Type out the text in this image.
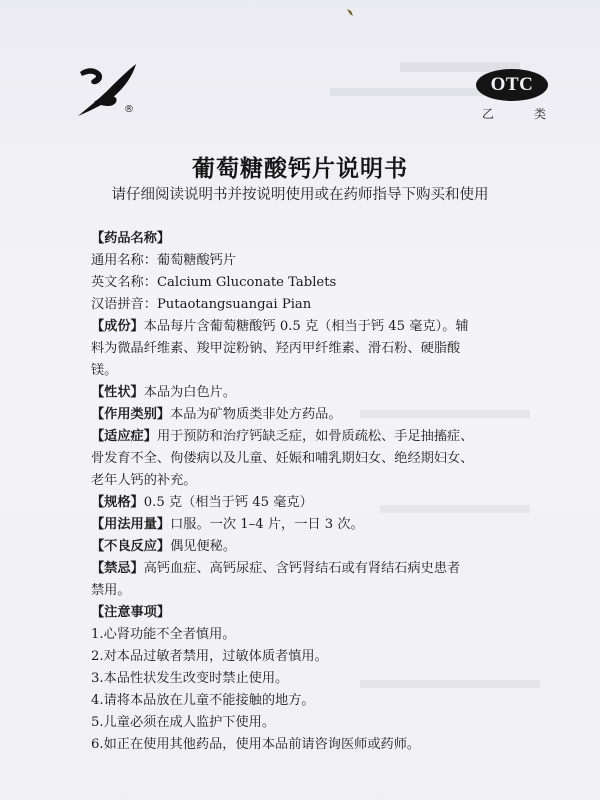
®
OTC
乙	类
葡萄糖酸钙片说明书
请仔细阅读说明书并按说明使用或在药师指导下购买和使用

【药品名称】

通用名称：葡萄糖酸钙片

英文名称：Calcium Gluconate Tablets

汉语拼音：Putaotangsuangai Pian

【成份】本品每片含葡萄糖酸钙 0.5 克（相当于钙 45 毫克）。辅
料为微晶纤维素、羧甲淀粉钠、羟丙甲纤维素、滑石粉、硬脂酸
镁。

【性状】本品为白色片。

【作用类别】本品为矿物质类非处方药品。

【适应症】用于预防和治疗钙缺乏症，如骨质疏松、手足抽搐症、
骨发育不全、佝偻病以及儿童、妊娠和哺乳期妇女、绝经期妇女、
老年人钙的补充。

【规格】0.5 克（相当于钙 45 毫克）

【用法用量】口服。一次 1–4 片，一日 3 次。

【不良反应】偶见便秘。

【禁忌】高钙血症、高钙尿症、含钙肾结石或有肾结石病史患者
禁用。

【注意事项】

1.心肾功能不全者慎用。

2.对本品过敏者禁用，过敏体质者慎用。

3.本品性状发生改变时禁止使用。

4.请将本品放在儿童不能接触的地方。

5.儿童必须在成人监护下使用。

6.如正在使用其他药品，使用本品前请咨询医师或药师。
